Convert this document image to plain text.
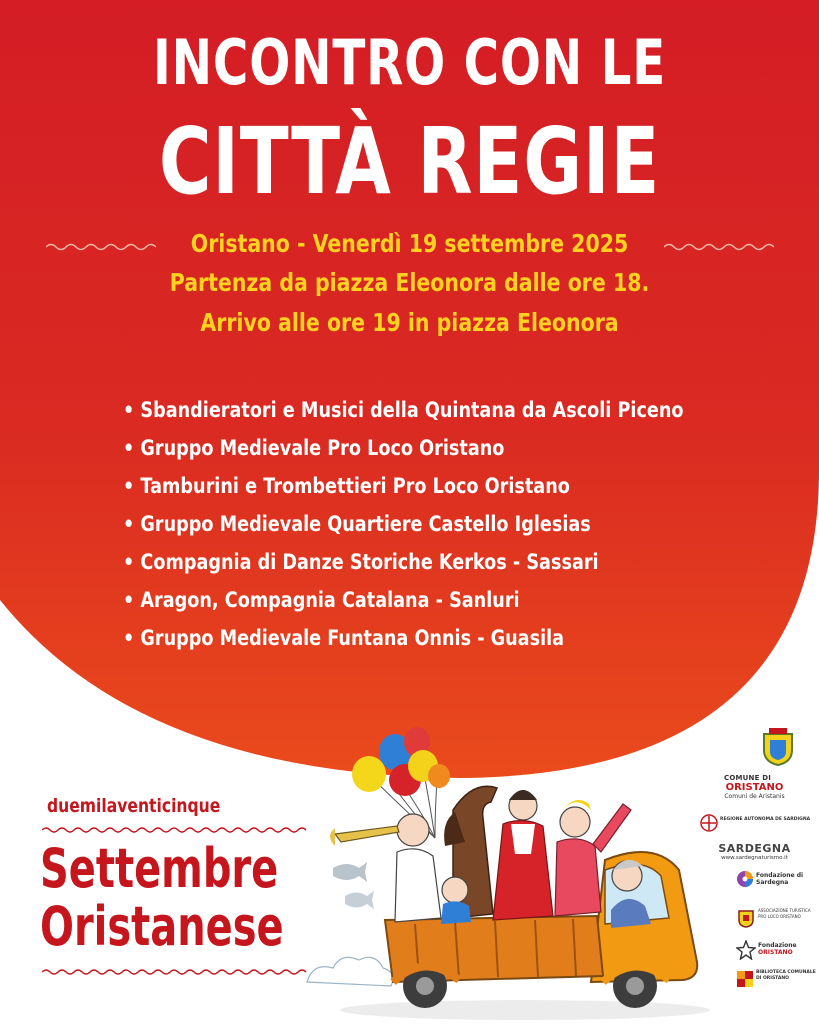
INCONTRO CON LE
CITTÀ REGIE
Oristano - Venerdì 19 settembre 2025
Partenza da piazza Eleonora dalle ore 18.
Arrivo alle ore 19 in piazza Eleonora
• Sbandieratori e Musici della Quintana da Ascoli Piceno
• Gruppo Medievale Pro Loco Oristano
• Tamburini e Trombettieri Pro Loco Oristano
• Gruppo Medievale Quartiere Castello Iglesias
• Compagnia di Danze Storiche Kerkos - Sassari
• Aragon, Compagnia Catalana - Sanluri
• Gruppo Medievale Funtana Onnis - Guasila
duemilaventicinque
Settembre
Oristanese
COMUNE DI
ORISTANO
Comuni de Aristanis
REGIONE AUTONOMA DE SARDIGNA
SARDEGNA
www.sardegnaturismo.it
Fondazione di Sardegna
ASSOCIAZIONE TURISTICA PRO LOCO ORISTANO
Fondazione
ORISTANO
BIBLIOTECA COMUNALE DI ORISTANO
